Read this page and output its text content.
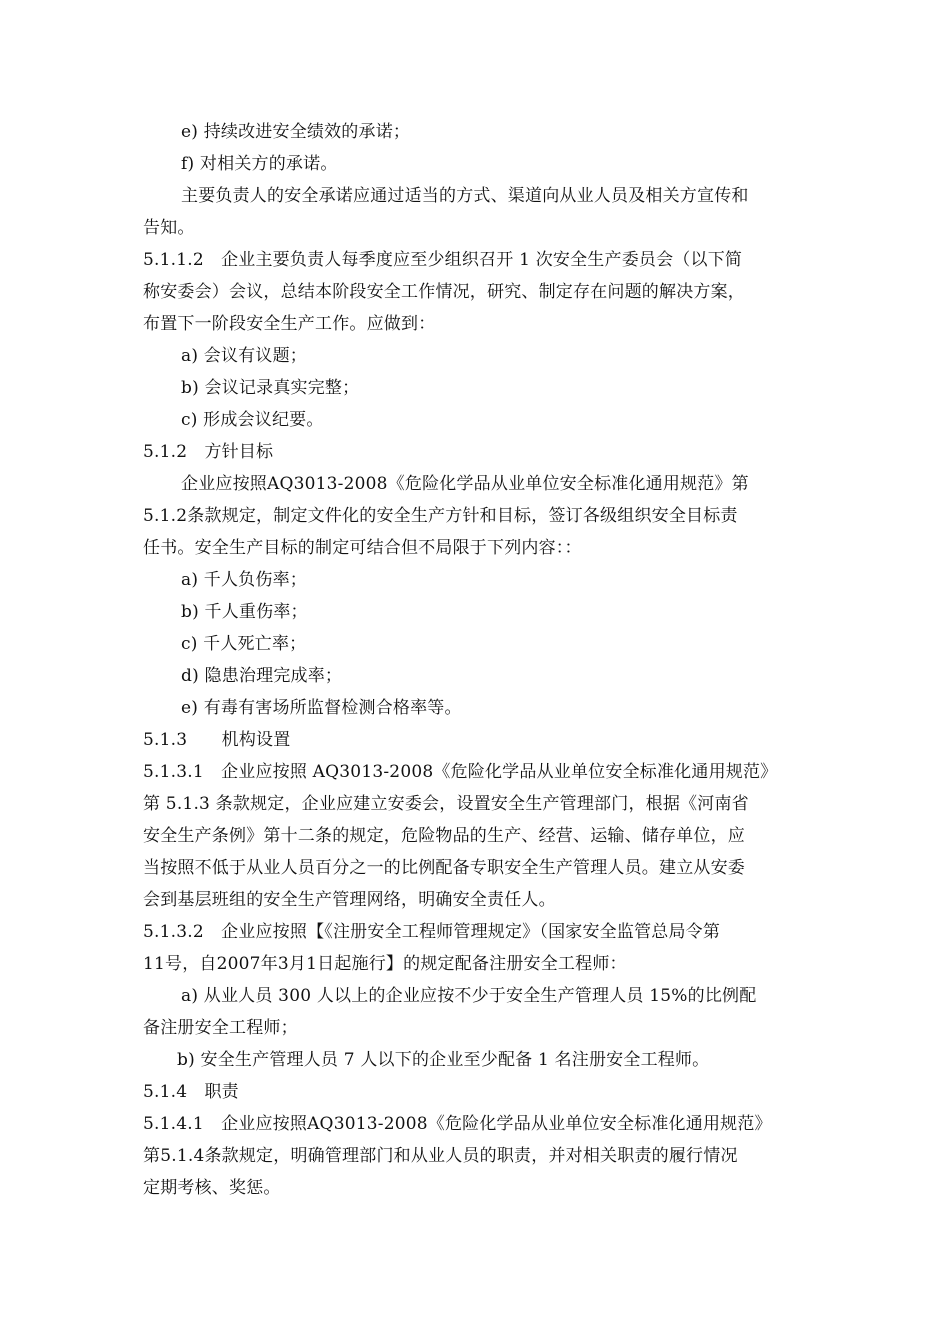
e) 持续改进安全绩效的承诺；
f) 对相关方的承诺。
主要负责人的安全承诺应通过适当的方式、渠道向从业人员及相关方宣传和
告知。
5.1.1.2　企业主要负责人每季度应至少组织召开 1 次安全生产委员会（以下简
称安委会）会议，总结本阶段安全工作情况，研究、制定存在问题的解决方案，
布置下一阶段安全生产工作。应做到：
a) 会议有议题；
b) 会议记录真实完整；
c) 形成会议纪要。
5.1.2　方针目标
企业应按照AQ3013-2008《危险化学品从业单位安全标准化通用规范》第
5.1.2条款规定，制定文件化的安全生产方针和目标，签订各级组织安全目标责
任书。安全生产目标的制定可结合但不局限于下列内容：：
a) 千人负伤率；
b) 千人重伤率；
c) 千人死亡率；
d) 隐患治理完成率；
e) 有毒有害场所监督检测合格率等。
5.1.3　　机构设置
5.1.3.1　企业应按照 AQ3013-2008《危险化学品从业单位安全标准化通用规范》
第 5.1.3 条款规定，企业应建立安委会，设置安全生产管理部门，根据《河南省
安全生产条例》第十二条的规定，危险物品的生产、经营、运输、储存单位，应
当按照不低于从业人员百分之一的比例配备专职安全生产管理人员。建立从安委
会到基层班组的安全生产管理网络，明确安全责任人。
5.1.3.2　企业应按照【《注册安全工程师管理规定》（国家安全监管总局令第
11号，自2007年3月1日起施行】的规定配备注册安全工程师：
a) 从业人员 300 人以上的企业应按不少于安全生产管理人员 15%的比例配
备注册安全工程师；
b) 安全生产管理人员 7 人以下的企业至少配备 1 名注册安全工程师。
5.1.4　职责
5.1.4.1　企业应按照AQ3013-2008《危险化学品从业单位安全标准化通用规范》
第5.1.4条款规定，明确管理部门和从业人员的职责，并对相关职责的履行情况
定期考核、奖惩。
